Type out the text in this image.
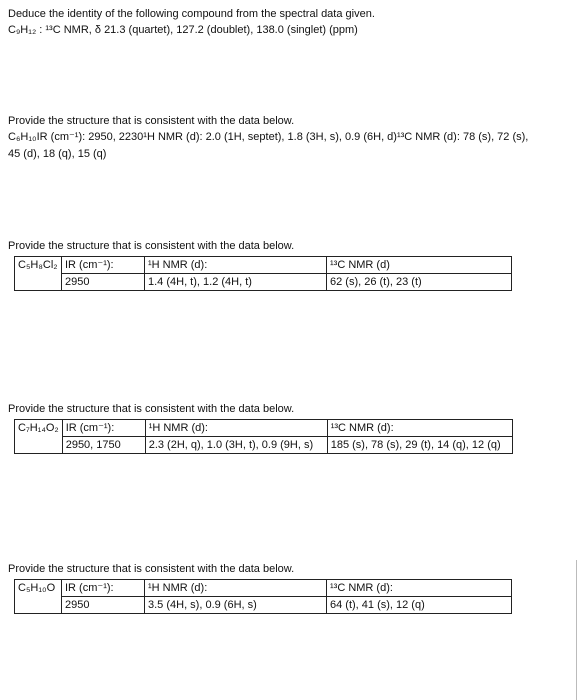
Deduce the identity of the following compound from the spectral data given.
C₉H₁₂ : ¹³C NMR, δ 21.3 (quartet), 127.2 (doublet), 138.0 (singlet) (ppm)
Provide the structure that is consistent with the data below.
C₆H₁₀IR (cm⁻¹): 2950, 2230¹H NMR (d): 2.0 (1H, septet), 1.8 (3H, s), 0.9 (6H, d)¹³C NMR (d): 78 (s), 72 (s),
45 (d), 18 (q), 15 (q)
Provide the structure that is consistent with the data below.
C₅H₈Cl₂	IR (cm⁻¹):	¹H NMR (d):	¹³C NMR (d)
	2950	1.4 (4H, t), 1.2 (4H, t)	62 (s), 26 (t), 23 (t)
Provide the structure that is consistent with the data below.
C₇H₁₄O₂	IR (cm⁻¹):	¹H NMR (d):	¹³C NMR (d):
	2950, 1750	2.3 (2H, q), 1.0 (3H, t), 0.9 (9H, s)	185 (s), 78 (s), 29 (t), 14 (q), 12 (q)
Provide the structure that is consistent with the data below.
C₅H₁₀O	IR (cm⁻¹):	¹H NMR (d):	¹³C NMR (d):
	2950	3.5 (4H, s), 0.9 (6H, s)	64 (t), 41 (s), 12 (q)
